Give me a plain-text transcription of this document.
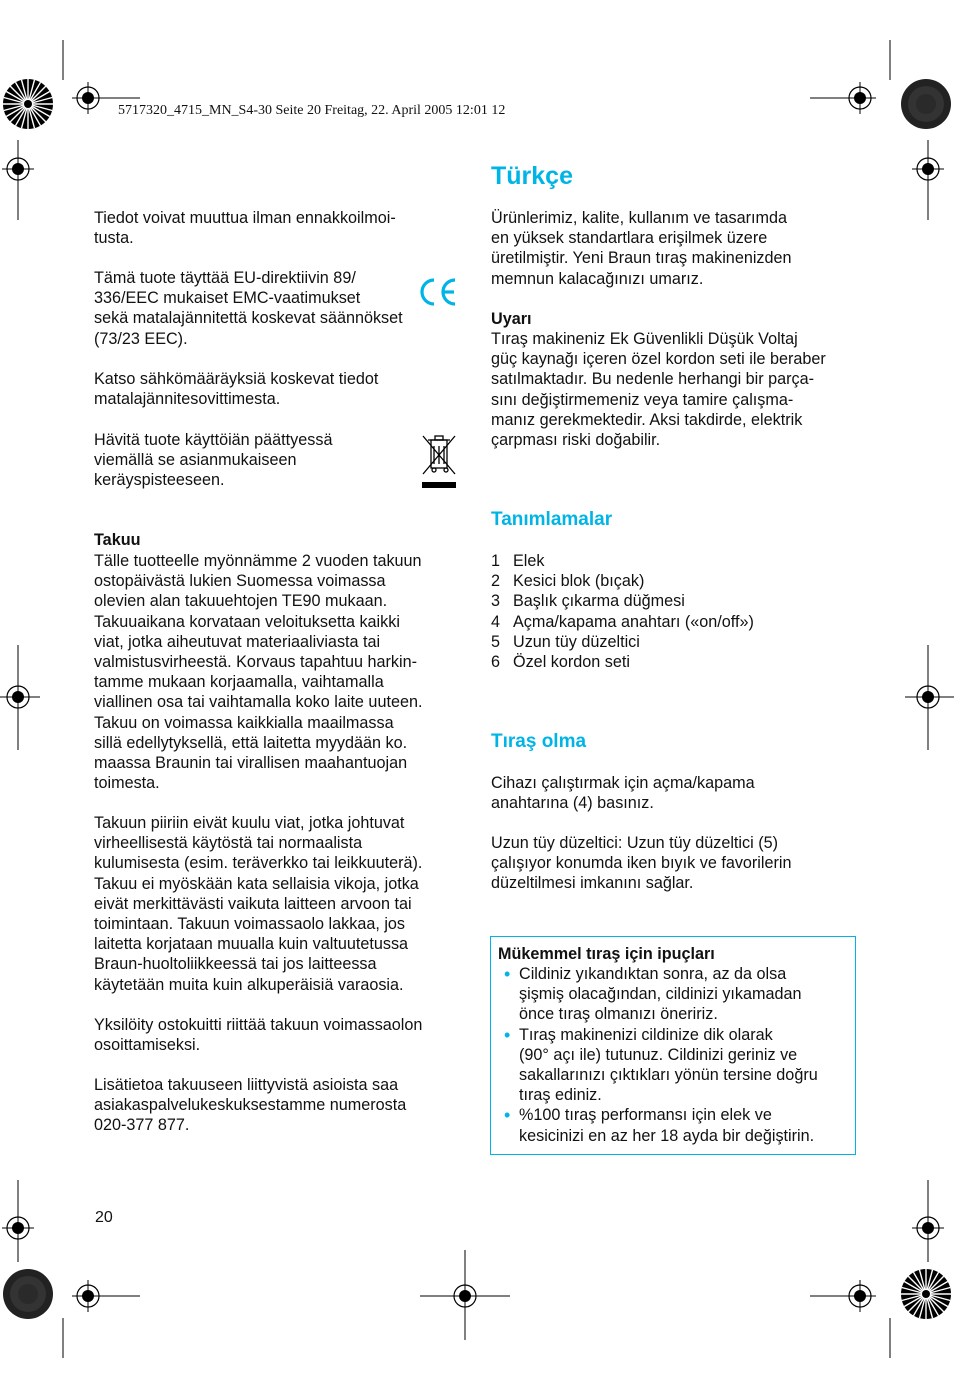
5717320_4715_MN_S4-30 Seite 20 Freitag, 22. April 2005 12:01 12

Tiedot voivat muuttua ilman ennakkoilmoi-
tusta.

Tämä tuote täyttää EU-direktiivin 89/
336/EEC mukaiset EMC-vaatimukset
sekä matalajännitettä koskevat säännökset
(73/23 EEC).

Katso sähkömääräyksiä koskevat tiedot
matalajännitesovittimesta.

Hävitä tuote käyttöiän päättyessä
viemällä se asianmukaiseen
keräyspisteeseen.

Takuu

Tälle tuotteelle myönnämme 2 vuoden takuun
ostopäivästä lukien Suomessa voimassa
olevien alan takuuehtojen TE90 mukaan.
Takuuaikana korvataan veloituksetta kaikki
viat, jotka aiheutuvat materiaaliviasta tai
valmistusvirheestä. Korvaus tapahtuu harkin-
tamme mukaan korjaamalla, vaihtamalla
viallinen osa tai vaihtamalla koko laite uuteen.
Takuu on voimassa kaikkialla maailmassa
sillä edellytyksellä, että laitetta myydään ko.
maassa Braunin tai virallisen maahantuojan
toimesta.

Takuun piiriin eivät kuulu viat, jotka johtuvat
virheellisestä käytöstä tai normaalista
kulumisesta (esim. teräverkko tai leikkuuterä).
Takuu ei myöskään kata sellaisia vikoja, jotka
eivät merkittävästi vaikuta laitteen arvoon tai
toimintaan. Takuun voimassaolo lakkaa, jos
laitetta korjataan muualla kuin valtuutetussa
Braun-huoltoliikkeessä tai jos laitteessa
käytetään muita kuin alkuperäisiä varaosia.

Yksilöity ostokuitti riittää takuun voimassaolon
osoittamiseksi.

Lisätietoa takuuseen liittyvistä asioista saa
asiakaspalvelukeskuksestamme numerosta
020-377 877.

Türkçe

Ürünlerimiz, kalite, kullanım ve tasarımda
en yüksek standartlara erişilmek üzere
üretilmiştir. Yeni Braun tıraş makinenizden
memnun kalacağınızı umarız.

Uyarı

Tıraş makineniz Ek Güvenlikli Düşük Voltaj
güç kaynağı içeren özel kordon seti ile beraber
satılmaktadır. Bu nedenle herhangi bir parça-
sını değiştirmemeniz veya tamire çalışma-
manız gerekmektedir. Aksi takdirde, elektrik
çarpması riski doğabilir.

Tanımlamalar
1 Elek
2 Kesici blok (bıçak)
3 Başlık çıkarma düğmesi
4 Açma/kapama anahtarı («on/off»)
5 Uzun tüy düzeltici
6 Özel kordon seti
Tıraş olma

Cihazı çalıştırmak için açma/kapama
anahtarına (4) basınız.

Uzun tüy düzeltici: Uzun tüy düzeltici (5)
çalışıyor konumda iken bıyık ve favorilerin
düzeltilmesi imkanını sağlar.

Mükemmel tıraş için ipuçları
• Cildiniz yıkandıktan sonra, az da olsa
şişmiş olacağından, cildinizi yıkamadan
önce tıraş olmanızı öneririz.
• Tıraş makinenizi cildinize dik olarak
(90° açı ile) tutunuz. Cildinizi geriniz ve
sakallarınızı çıktıkları yönün tersine doğru
tıraş ediniz.
• %100 tıraş performansı için elek ve
kesicinizi en az her 18 ayda bir değiştirin.
20
